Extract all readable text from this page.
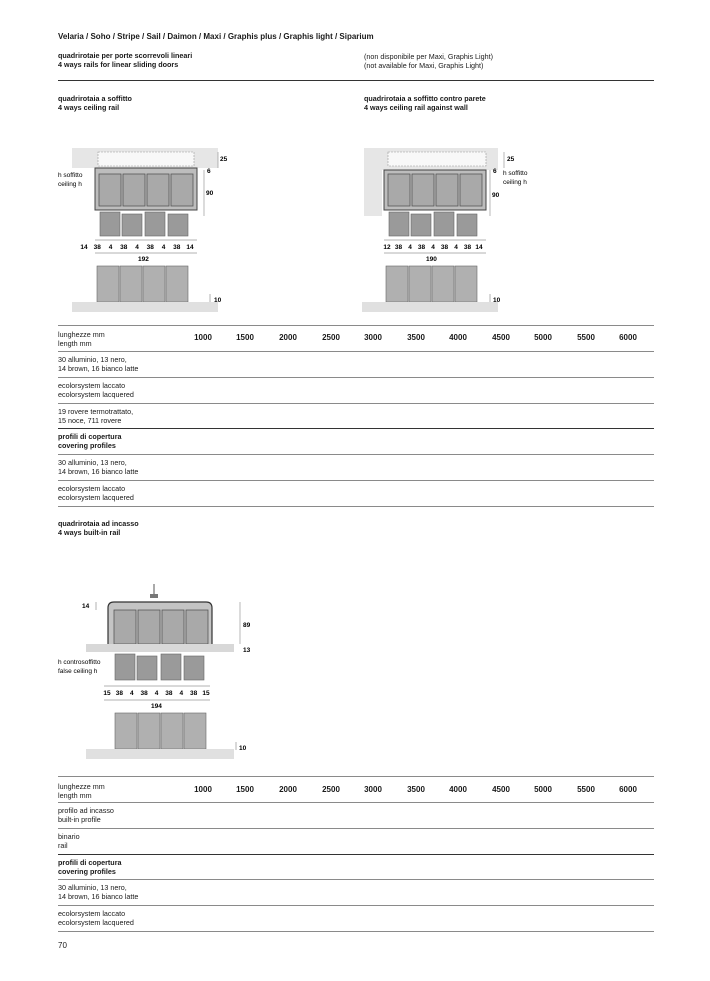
Velaria / Soho / Stripe / Sail / Daimon / Maxi / Graphis plus / Graphis light / Siparium
quadrirotaie per porte scorrevoli lineari
4 ways rails for linear sliding doors
(non disponibile per Maxi, Graphis Light)
(not available for Maxi, Graphis Light)
quadrirotaia a soffitto
4 ways ceiling rail
quadrirotaia a soffitto contro parete
4 ways ceiling rail against wall
25
6
90
h soffitto
ceiling h
14 38 4 38 4 38 4 38 14
192
10
25
6
90
h soffitto
ceiling h
12 38 4 38 4 38 4 38 14
190
10
lunghezze mm
length mm
1000	1500	2000	2500	3000	3500	4000	4500	5000	5500	6000
30 alluminio, 13 nero,
14 brown, 16 bianco latte
ecolorsystem laccato
ecolorsystem lacquered
19 rovere termotrattato,
15 noce, 711 rovere
profili di copertura
covering profiles
30 alluminio, 13 nero,
14 brown, 16 bianco latte
ecolorsystem laccato
ecolorsystem lacquered
quadrirotaia ad incasso
4 ways built-in rail
14
89
13
h controsoffitto
false ceiling h
15 38 4 38 4 38 4 38 15
194
10
lunghezze mm
length mm
1000	1500	2000	2500	3000	3500	4000	4500	5000	5500	6000
profilo ad incasso
built-in profile
binario
rail
profili di copertura
covering profiles
30 alluminio, 13 nero,
14 brown, 16 bianco latte
ecolorsystem laccato
ecolorsystem lacquered
70
